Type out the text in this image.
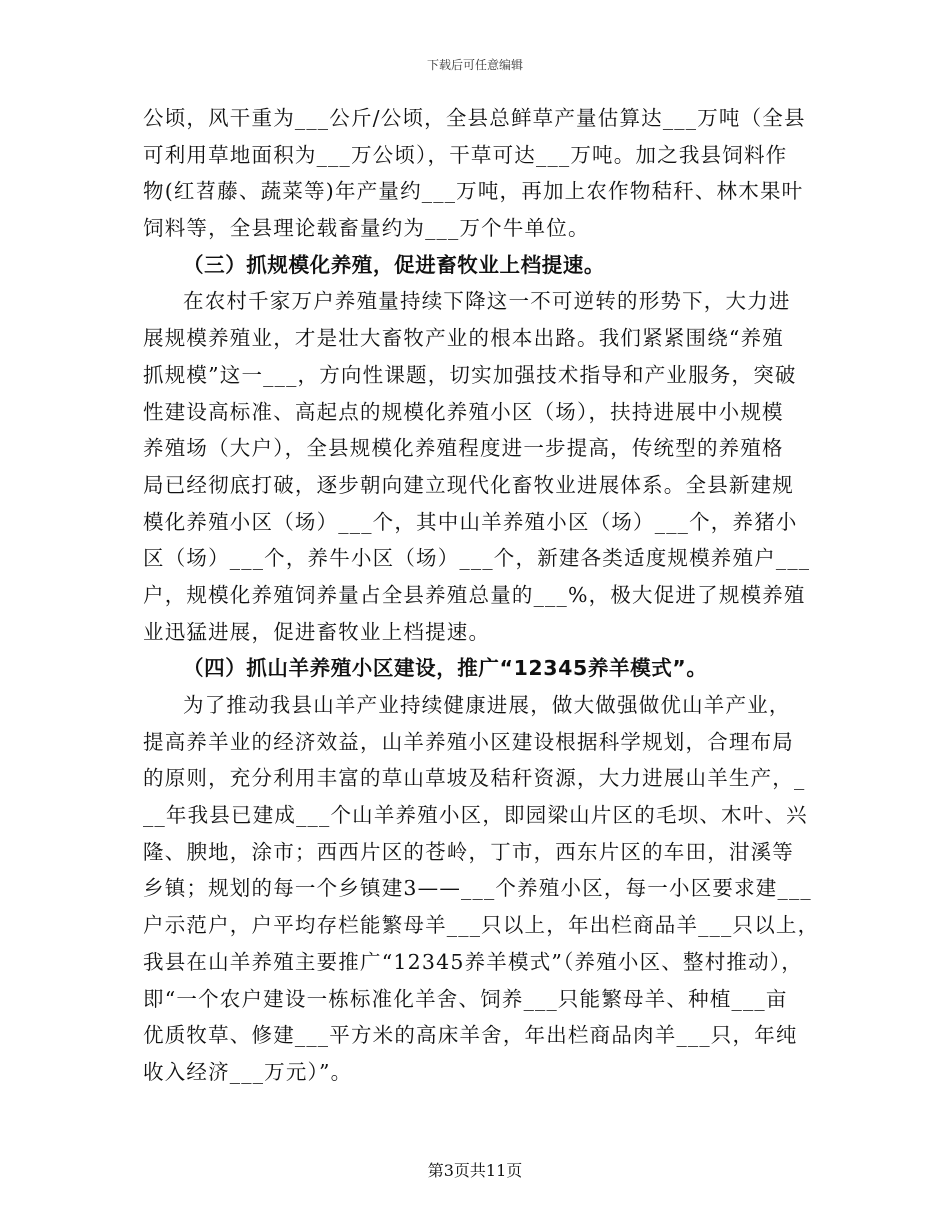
下载后可任意编辑
公顷，风干重为___公斤/公顷，全县总鲜草产量估算达___万吨（全县
可利用草地面积为___万公顷），干草可达___万吨。加之我县饲料作
物(红苕藤、蔬菜等)年产量约___万吨，再加上农作物秸秆、林木果叶
饲料等，全县理论载畜量约为___万个牛单位。
（三）抓规模化养殖，促进畜牧业上档提速。
在农村千家万户养殖量持续下降这一不可逆转的形势下，大力进
展规模养殖业，才是壮大畜牧产业的根本出路。我们紧紧围绕“养殖
抓规模”这一___，方向性课题，切实加强技术指导和产业服务，突破
性建设高标准、高起点的规模化养殖小区（场），扶持进展中小规模
养殖场（大户），全县规模化养殖程度进一步提高，传统型的养殖格
局已经彻底打破，逐步朝向建立现代化畜牧业进展体系。全县新建规
模化养殖小区（场）___个，其中山羊养殖小区（场）___个，养猪小
区（场）___个，养牛小区（场）___个，新建各类适度规模养殖户___
户，规模化养殖饲养量占全县养殖总量的___%，极大促进了规模养殖
业迅猛进展，促进畜牧业上档提速。
（四）抓山羊养殖小区建设，推广“12345养羊模式”。
为了推动我县山羊产业持续健康进展，做大做强做优山羊产业，
提高养羊业的经济效益，山羊养殖小区建设根据科学规划，合理布局
的原则，充分利用丰富的草山草坡及秸秆资源，大力进展山羊生产，_
__年我县已建成___个山羊养殖小区，即园梁山片区的毛坝、木叶、兴
隆、腴地，涂市；西西片区的苍岭，丁市，西东片区的车田，泔溪等
乡镇；规划的每一个乡镇建3——___个养殖小区，每一小区要求建___
户示范户，户平均存栏能繁母羊___只以上，年出栏商品羊___只以上，
我县在山羊养殖主要推广“12345养羊模式”（养殖小区、整村推动），
即“一个农户建设一栋标准化羊舍、饲养___只能繁母羊、种植___亩
优质牧草、修建___平方米的高床羊舍，年出栏商品肉羊___只，年纯
收入经济___万元）”。
第3页共11页
